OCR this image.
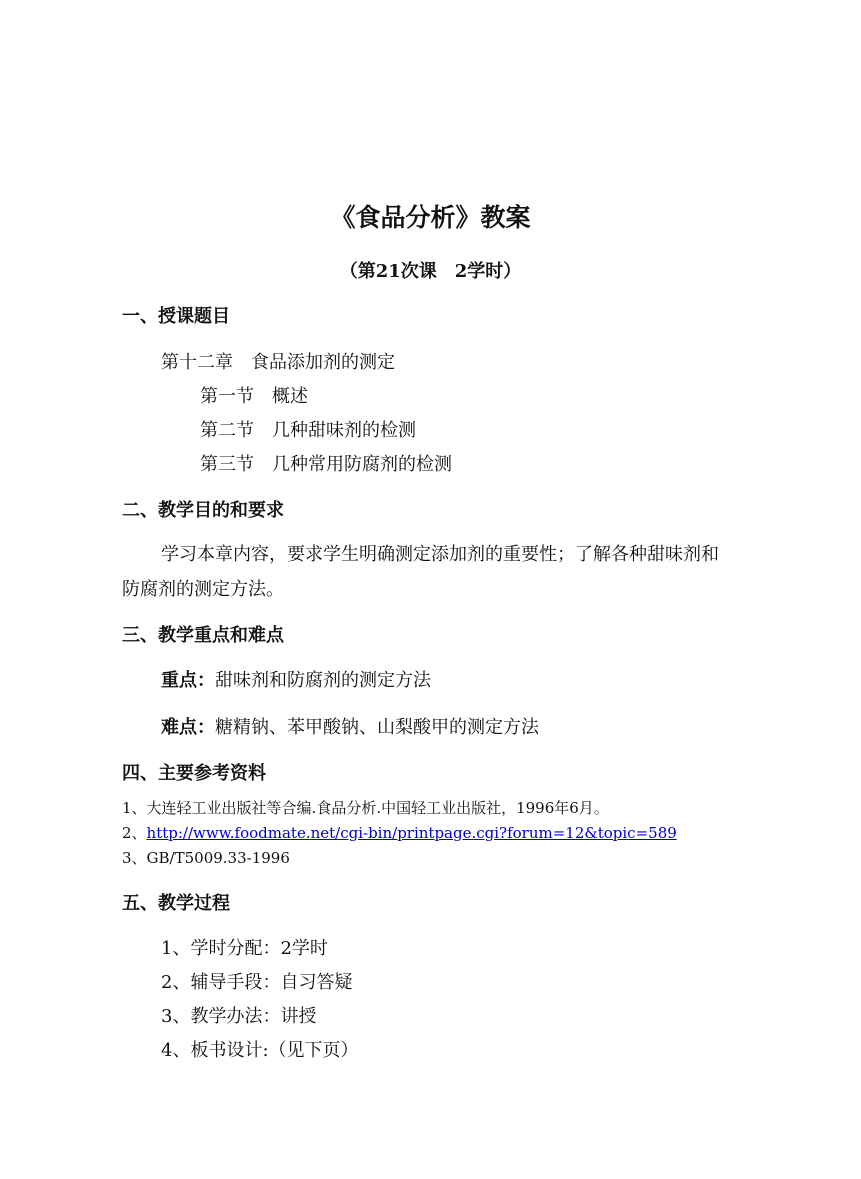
《食品分析》教案
（第21次课　2学时）
一、授课题目
第十二章　食品添加剂的测定
第一节　概述
第二节　几种甜味剂的检测
第三节　几种常用防腐剂的检测
二、教学目的和要求
学习本章内容，要求学生明确测定添加剂的重要性；了解各种甜味剂和
防腐剂的测定方法。
三、教学重点和难点
重点：甜味剂和防腐剂的测定方法
难点：糖精钠、苯甲酸钠、山梨酸甲的测定方法
四、主要参考资料
1、大连轻工业出版社等合编.食品分析.中国轻工业出版社，1996年6月。
2、http://www.foodmate.net/cgi-bin/printpage.cgi?forum=12&topic=589
3、GB/T5009.33-1996
五、教学过程
1、学时分配：2学时
2、辅导手段：自习答疑
3、教学办法：讲授
4、板书设计:（见下页）
